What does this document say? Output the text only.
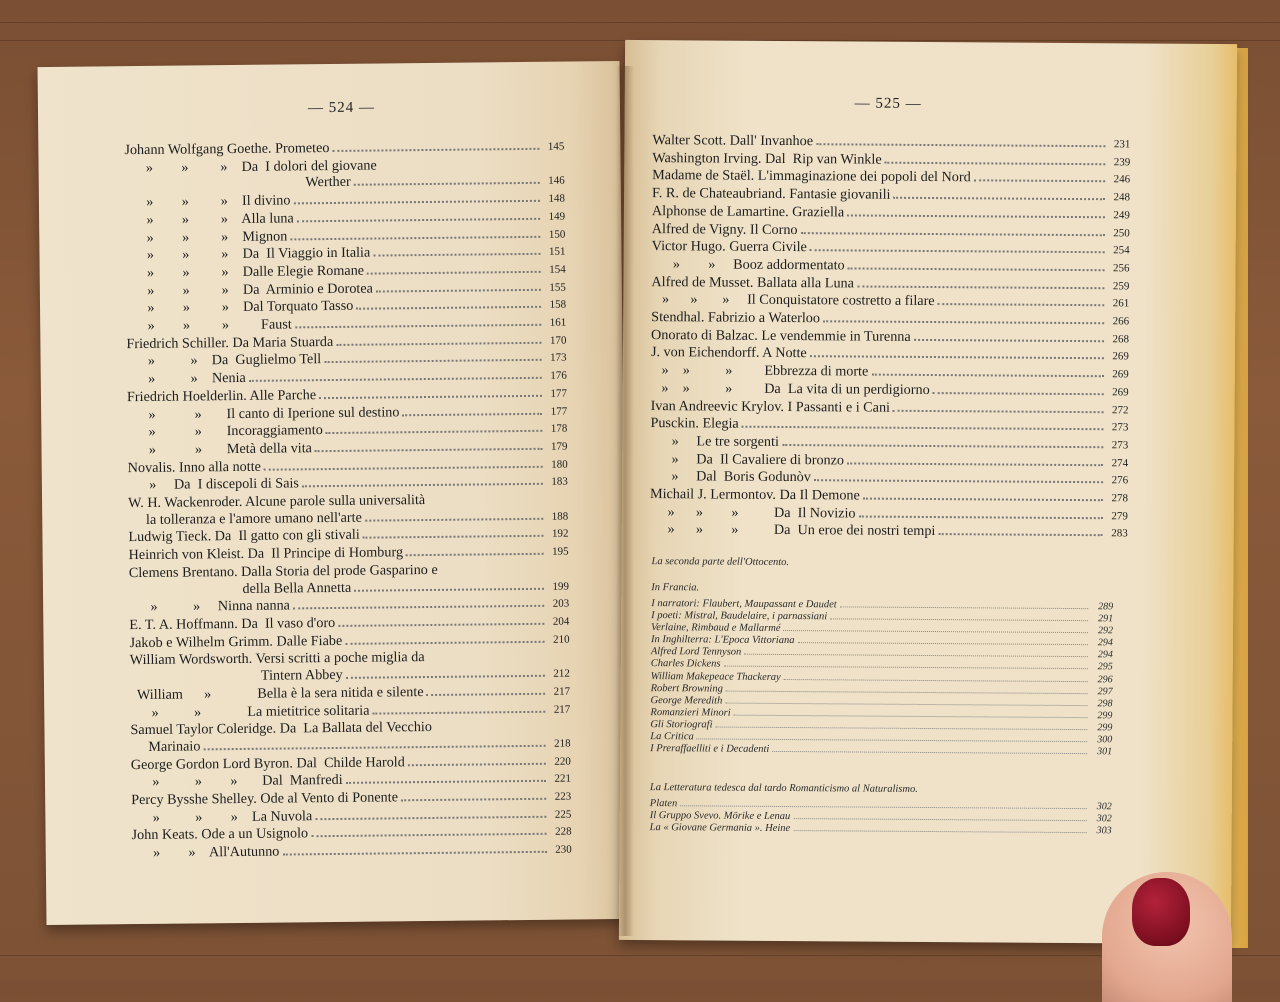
— 524 —
Johann Wolfgang Goethe. Prometeo	145
»        »         »    Da  I dolori del giovane
Werther	146
»        »         »    Il divino	148
»        »         »    Alla luna	149
»        »         »    Mignon	150
»        »         »    Da  Il Viaggio in Italia	151
»        »         »    Dalle Elegie Romane	154
»        »         »    Da  Arminio e Dorotea	155
»        »         »    Dal Torquato Tasso	158
»        »         »         Faust	161
Friedrich Schiller. Da Maria Stuarda	170
»          »    Da  Guglielmo Tell	173
»          »    Nenia	176
Friedrich Hoelderlin. Alle Parche	177
»           »       Il canto di Iperione sul destino	177
»           »       Incoraggiamento	178
»           »       Metà della vita	179
Novalis. Inno alla notte	180
»     Da  I discepoli di Sais	183
W. H. Wackenroder. Alcune parole sulla universalità
la tolleranza e l'amore umano nell'arte	188
Ludwig Tieck. Da  Il gatto con gli stivali	192
Heinrich von Kleist. Da  Il Principe di Homburg	195
Clemens Brentano. Dalla Storia del prode Gasparino e
della Bella Annetta	199
»          »     Ninna nanna	203
E. T. A. Hoffmann. Da  Il vaso d'oro	204
Jakob e Wilhelm Grimm. Dalle Fiabe	210
William Wordsworth. Versi scritti a poche miglia da
Tintern Abbey	212
William      »             Bella è la sera nitida e silente	217
»          »             La mietitrice solitaria	217
Samuel Taylor Coleridge. Da  La Ballata del Vecchio
Marinaio	218
George Gordon Lord Byron. Dal  Childe Harold	220
»          »        »       Dal  Manfredi	221
Percy Bysshe Shelley. Ode al Vento di Ponente	223
»          »        »    La Nuvola	225
John Keats. Ode a un Usignolo	228
»        »    All'Autunno	230
— 525 —
Walter Scott. Dall' Invanhoe	231
Washington Irving. Dal  Rip van Winkle	239
Madame de Staël. L'immaginazione dei popoli del Nord	246
F. R. de Chateaubriand. Fantasie giovanili	248
Alphonse de Lamartine. Graziella	249
Alfred de Vigny. Il Corno	250
Victor Hugo. Guerra Civile	254
»        »     Booz addormentato	256
Alfred de Musset. Ballata alla Luna	259
»      »       »     Il Conquistatore costretto a filare	261
Stendhal. Fabrizio a Waterloo	266
Onorato di Balzac. Le vendemmie in Turenna	268
J. von Eichendorff. A Notte	269
»    »          »         Ebbrezza di morte	269
»    »          »         Da  La vita di un perdigiorno	269
Ivan Andreevic Krylov. I Passanti e i Cani	272
Pusckin. Elegia	273
»     Le tre sorgenti	273
»     Da  Il Cavaliere di bronzo	274
»     Dal  Boris Godunòv	276
Michail J. Lermontov. Da Il Demone	278
»      »        »          Da  Il Novizio	279
»      »        »          Da  Un eroe dei nostri tempi	283
La seconda parte dell'Ottocento.
In Francia.
I narratori: Flaubert, Maupassant e Daudet	289
I poeti: Mistral, Baudelaire, i parnassiani	291
Verlaine, Rimbaud e Mallarmé	292
In Inghilterra: L'Epoca Vittoriana	294
Alfred Lord Tennyson	294
Charles Dickens	295
William Makepeace Thackeray	296
Robert Browning	297
George Meredith	298
Romanzieri Minori	299
Gli Storiografi	299
La Critica	300
I Preraffaelliti e i Decadenti	301
La Letteratura tedesca dal tardo Romanticismo al Naturalismo.
Platen	302
Il Gruppo Svevo. Mörike e Lenau	302
La « Giovane Germania ». Heine	303
